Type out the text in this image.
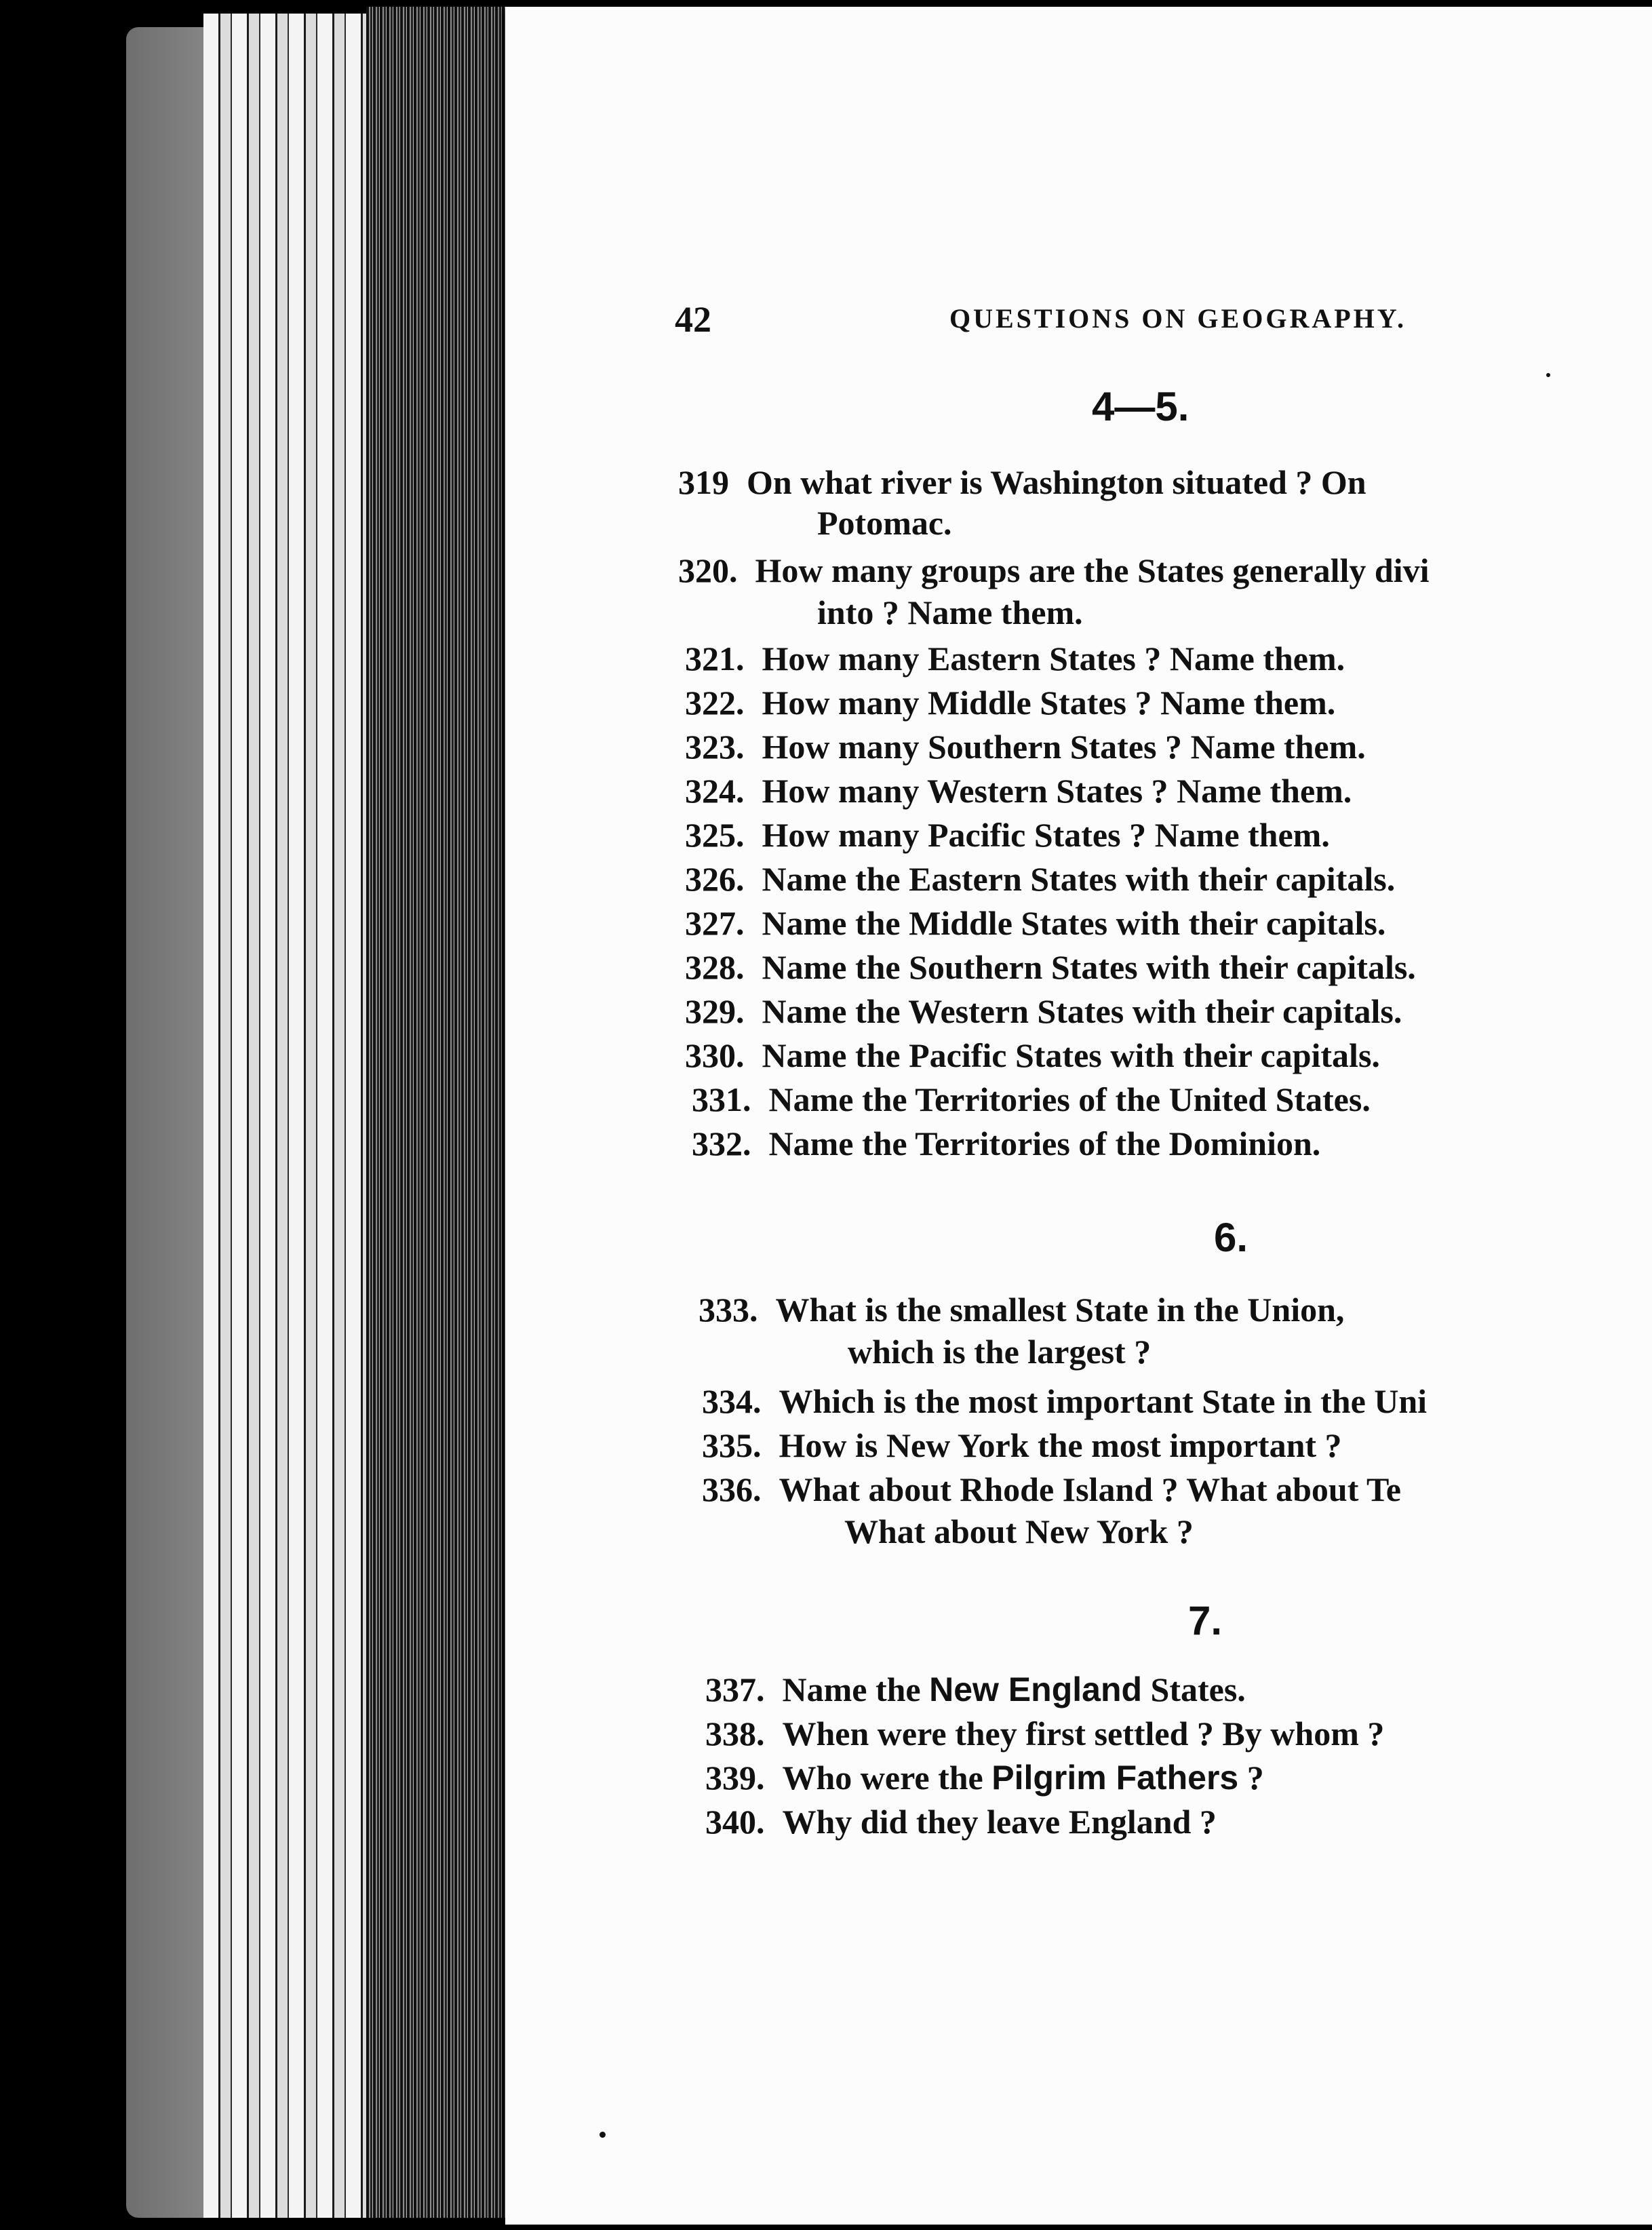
42	QUESTIONS ON GEOGRAPHY.
4—5.
6.
7.
319 On what river is Washington situated ? On
Potomac.
320. How many groups are the States generally divi
into ? Name them.
321. How many Eastern States ? Name them.
322. How many Middle States ? Name them.
323. How many Southern States ? Name them.
324. How many Western States ? Name them.
325. How many Pacific States ? Name them.
326. Name the Eastern States with their capitals.
327. Name the Middle States with their capitals.
328. Name the Southern States with their capitals.
329. Name the Western States with their capitals.
330. Name the Pacific States with their capitals.
331. Name the Territories of the United States.
332. Name the Territories of the Dominion.
333. What is the smallest State in the Union,
which is the largest ?
334. Which is the most important State in the Uni
335. How is New York the most important ?
336. What about Rhode Island ? What about Te
What about New York ?
337. Name the New England States.
338. When were they first settled ? By whom ?
339. Who were the Pilgrim Fathers ?
340. Why did they leave England ?
